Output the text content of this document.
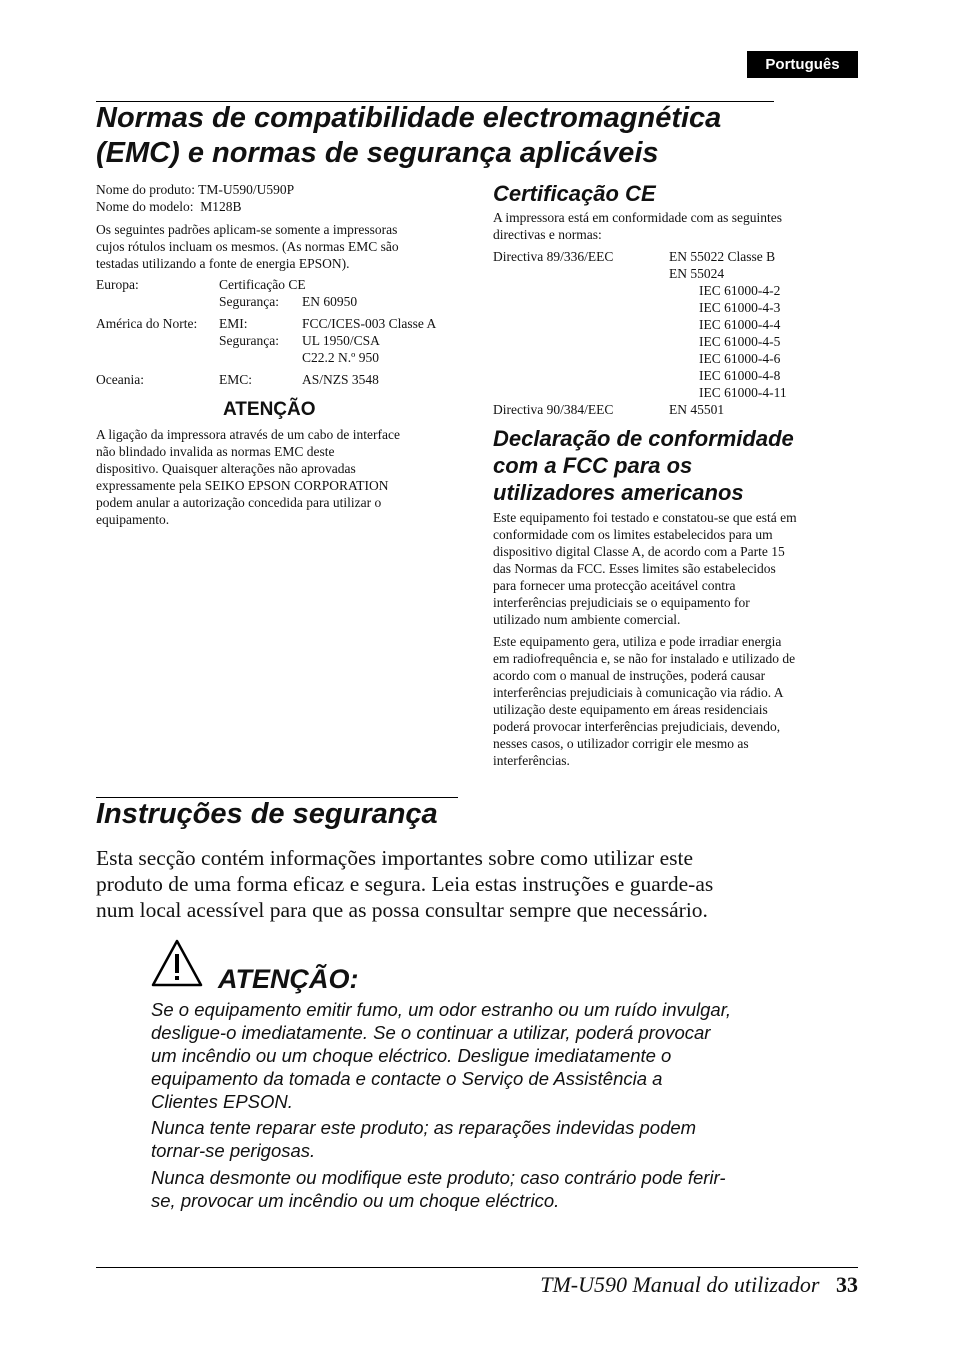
Português
Normas de compatibilidade electromagnética
(EMC) e normas de segurança aplicáveis
Nome do produto: TM-U590/U590P
Nome do modelo: M128B
Os seguintes padrões aplicam-se somente a impressoras
cujos rótulos incluam os mesmos. (As normas EMC são
testadas utilizando a fonte de energia EPSON).
Europa:	Certificação CE
Segurança: EN 60950
América do Norte: EMI:	FCC/ICES-003 Classe A
Segurança: UL 1950/CSA
C22.2 N.º 950
Oceania:	EMC:	AS/NZS 3548
ATENÇÃO
A ligação da impressora através de um cabo de interface
não blindado invalida as normas EMC deste
dispositivo. Quaisquer alterações não aprovadas
expressamente pela SEIKO EPSON CORPORATION
podem anular a autorização concedida para utilizar o
equipamento.
Certificação CE
A impressora está em conformidade com as seguintes
directivas e normas:
Directiva 89/336/EEC	EN 55022 Classe B
EN 55024
IEC 61000-4-2
IEC 61000-4-3
IEC 61000-4-4
IEC 61000-4-5
IEC 61000-4-6
IEC 61000-4-8
IEC 61000-4-11
Directiva 90/384/EEC	EN 45501
Declaração de conformidade
com a FCC para os
utilizadores americanos
Este equipamento foi testado e constatou-se que está em
conformidade com os limites estabelecidos para um
dispositivo digital Classe A, de acordo com a Parte 15
das Normas da FCC. Esses limites são estabelecidos
para fornecer uma protecção aceitável contra
interferências prejudiciais se o equipamento for
utilizado num ambiente comercial.
Este equipamento gera, utiliza e pode irradiar energia
em radiofrequência e, se não for instalado e utilizado de
acordo com o manual de instruções, poderá causar
interferências prejudiciais à comunicação via rádio. A
utilização deste equipamento em áreas residenciais
poderá provocar interferências prejudiciais, devendo,
nesses casos, o utilizador corrigir ele mesmo as
interferências.
Instruções de segurança
Esta secção contém informações importantes sobre como utilizar este
produto de uma forma eficaz e segura. Leia estas instruções e guarde-as
num local acessível para que as possa consultar sempre que necessário.
ATENÇÃO:
Se o equipamento emitir fumo, um odor estranho ou um ruído invulgar,
desligue-o imediatamente. Se o continuar a utilizar, poderá provocar
um incêndio ou um choque eléctrico. Desligue imediatamente o
equipamento da tomada e contacte o Serviço de Assistência a
Clientes EPSON.
Nunca tente reparar este produto; as reparações indevidas podem
tornar-se perigosas.
Nunca desmonte ou modifique este produto; caso contrário pode ferir-
se, provocar um incêndio ou um choque eléctrico.
TM-U590 Manual do utilizador 33
